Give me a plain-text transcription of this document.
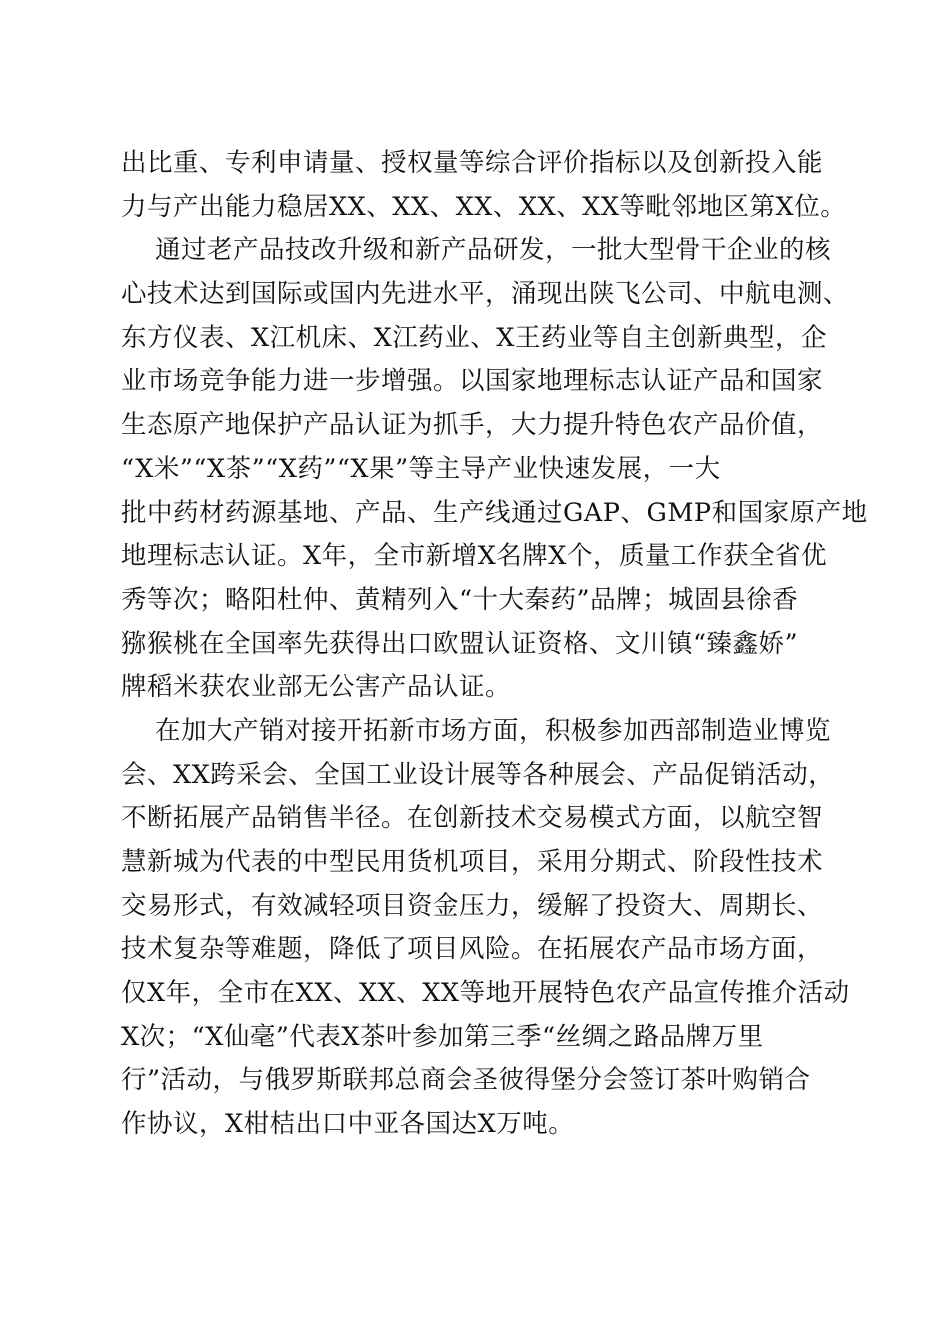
出比重、专利申请量、授权量等综合评价指标以及创新投入能
力与产出能力稳居XX、XX、XX、XX、XX等毗邻地区第X位。
通过老产品技改升级和新产品研发，一批大型骨干企业的核
心技术达到国际或国内先进水平，涌现出陕飞公司、中航电测、
东方仪表、X江机床、X江药业、X王药业等自主创新典型，企
业市场竞争能力进一步增强。以国家地理标志认证产品和国家
生态原产地保护产品认证为抓手，大力提升特色农产品价值，
“X米”“X茶”“X药”“X果”等主导产业快速发展，一大
批中药材药源基地、产品、生产线通过GAP、GMP和国家原产地
地理标志认证。X年，全市新增X名牌X个，质量工作获全省优
秀等次；略阳杜仲、黄精列入“十大秦药”品牌；城固县徐香
猕猴桃在全国率先获得出口欧盟认证资格、文川镇“臻鑫娇”
牌稻米获农业部无公害产品认证。
在加大产销对接开拓新市场方面，积极参加西部制造业博览
会、XX跨采会、全国工业设计展等各种展会、产品促销活动，
不断拓展产品销售半径。在创新技术交易模式方面，以航空智
慧新城为代表的中型民用货机项目，采用分期式、阶段性技术
交易形式，有效减轻项目资金压力，缓解了投资大、周期长、
技术复杂等难题，降低了项目风险。在拓展农产品市场方面，
仅X年，全市在XX、XX、XX等地开展特色农产品宣传推介活动
X次；“X仙毫”代表X茶叶参加第三季“丝绸之路品牌万里
行”活动，与俄罗斯联邦总商会圣彼得堡分会签订茶叶购销合
作协议，X柑桔出口中亚各国达X万吨。
